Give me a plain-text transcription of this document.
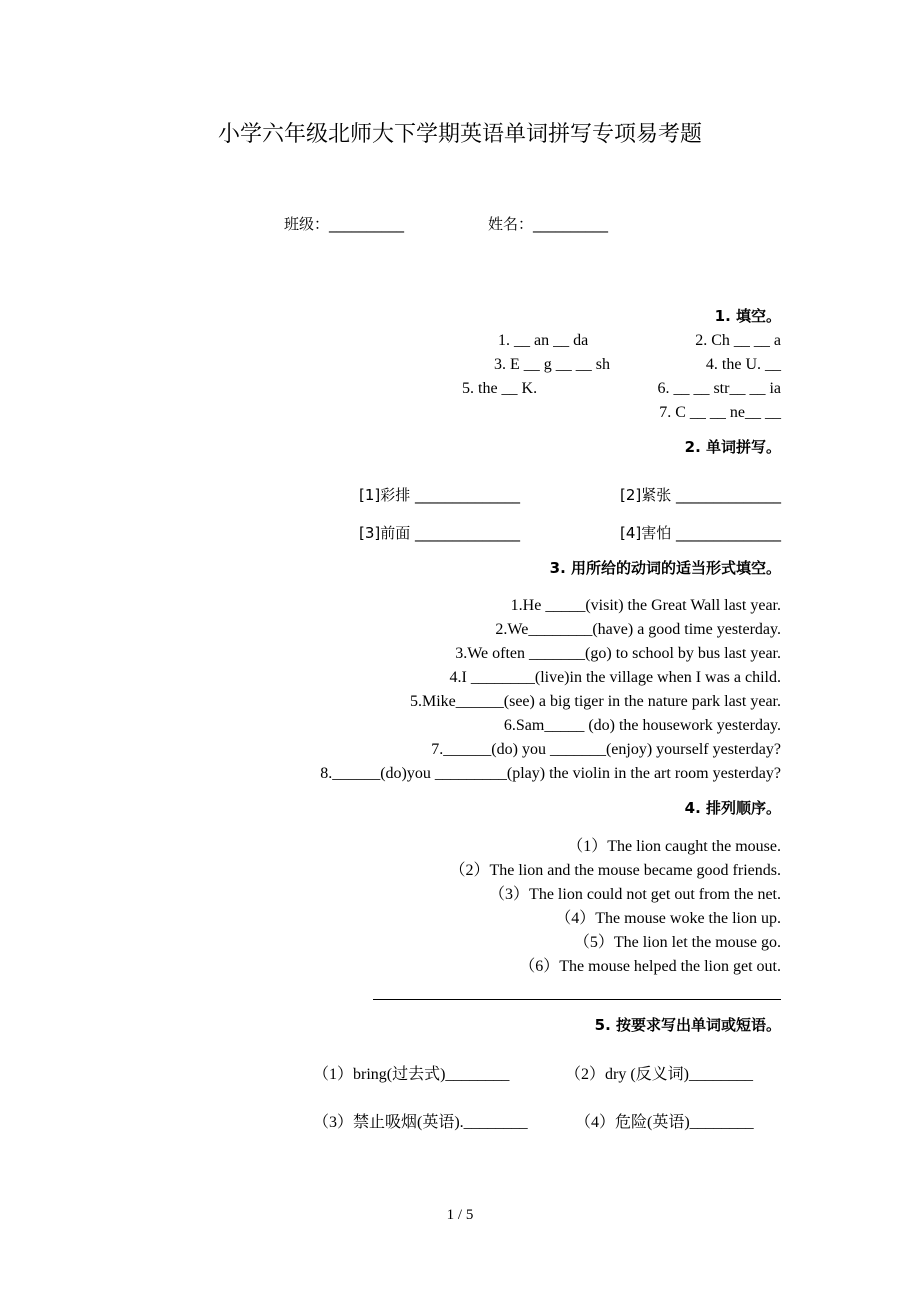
小学六年级北师大下学期英语单词拼写专项易考题
班级：__________	姓名：__________
1. 填空。
1. __ an __ da	2. Ch __ __ a
3. E __ g __ __ sh	4. the U. __
5. the __ K.	6. __ __ str__ __ ia
7. C __ __ ne__ __
2. 单词拼写。
[1]彩排 ______________	[2]紧张 ______________
[3]前面 ______________	[4]害怕 ______________
3. 用所给的动词的适当形式填空。
1.He _____(visit) the Great Wall last year.
2.We________(have) a good time yesterday.
3.We often _______(go) to school by bus last year.
4.I ________(live)in the village when I was a child.
5.Mike______(see) a big tiger in the nature park last year.
6.Sam_____ (do) the housework yesterday.
7.______(do) you _______(enjoy) yourself yesterday?
8.______(do)you _________(play) the violin in the art room yesterday?
4. 排列顺序。
（1）The lion caught the mouse.
（2）The lion and the mouse became good friends.
（3）The lion could not get out from the net.
（4）The mouse woke the lion up.
（5）The lion let the mouse go.
（6）The mouse helped the lion get out.
5. 按要求写出单词或短语。
（1）bring(过去式)________	（2）dry (反义词)________
（3）禁止吸烟(英语).________	（4）危险(英语)________
1 / 5
